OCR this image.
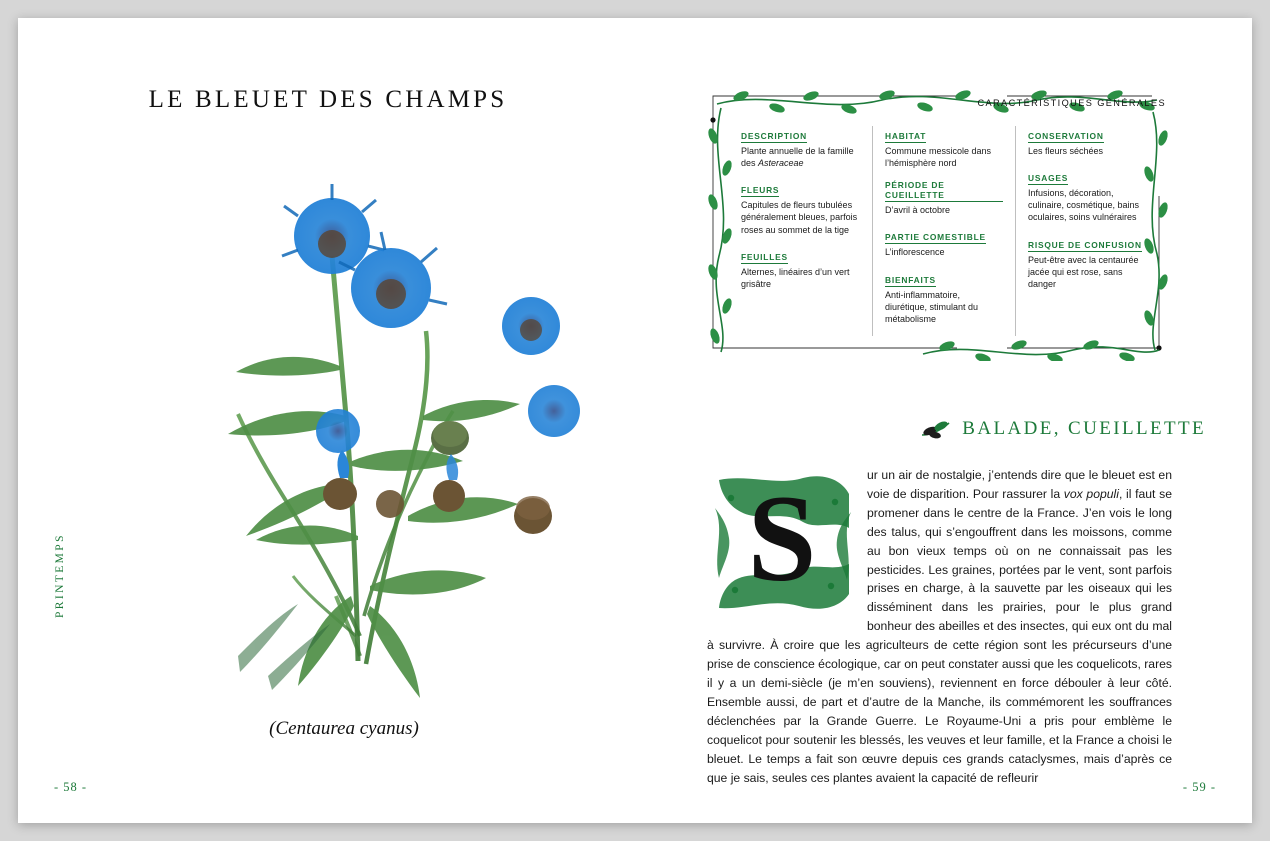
LE BLEUET DES CHAMPS
(Centaurea cyanus)
PRINTEMPS
- 58 -
CARACTÉRISTIQUES GÉNÉRALES
DESCRIPTION

Plante annuelle de la famille des Asteraceae

FLEURS

Capitules de fleurs tubulées généralement bleues, parfois roses au sommet de la tige

FEUILLES

Alternes, linéaires d’un vert grisâtre

HABITAT

Commune messicole dans l’hémisphère nord

PÉRIODE DE CUEILLETTE

D’avril à octobre

PARTIE COMESTIBLE

L’inflorescence

BIENFAITS

Anti-inflammatoire, diurétique, stimulant du métabolisme

CONSERVATION

Les fleurs séchées

USAGES

Infusions, décoration, culinaire, cosmétique, bains oculaires, soins vulnéraires

RISQUE DE CONFUSION

Peut-être avec la centaurée jacée qui est rose, sans danger

BALADE, CUEILLETTE
S	ur un air de nostalgie, j’entends dire que le bleuet est en voie de disparition. Pour rassurer la vox populi, il faut se promener dans le centre de la France. J’en vois le long des talus, qui s’engouffrent dans les moissons, comme au bon vieux temps où on ne connaissait pas les pesticides. Les graines, portées par le vent, sont parfois prises en charge, à la sauvette par les oiseaux qui les disséminent dans les prairies, pour le plus grand bonheur des abeilles et des insectes, qui eux ont du mal à survivre. À croire que les agriculteurs de cette région sont les précurseurs d’une prise de conscience écologique, car on peut constater aussi que les coquelicots, rares il y a un demi-siècle (je m’en souviens), reviennent en force débouler à leur côté. Ensemble aussi, de part et d’autre de la Manche, ils commémorent les souffrances déclenchées par la Grande Guerre. Le Royaume-Uni a pris pour emblème le coquelicot pour soutenir les blessés, les veuves et leur famille, et la France a choisi le bleuet. Le temps a fait son œuvre depuis ces grands cataclysmes, mais d’après ce que je sais, seules ces plantes avaient la capacité de refleurir
- 59 -
